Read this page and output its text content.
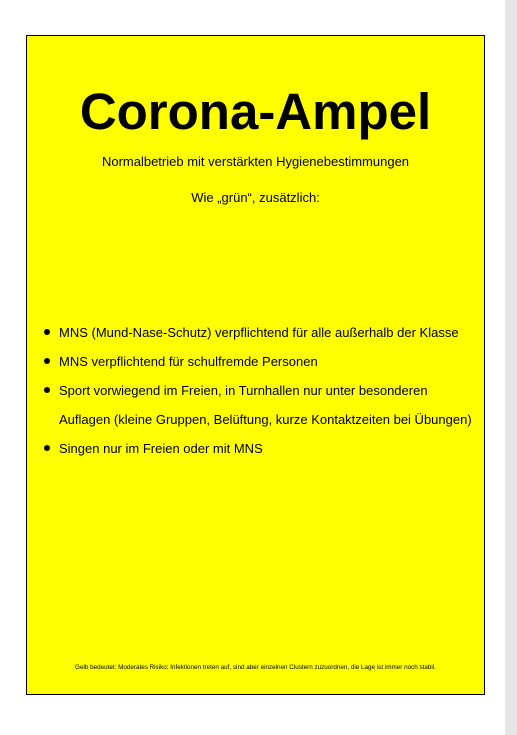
Corona-Ampel

Normalbetrieb mit verstärkten Hygienebestimmungen

Wie „grün“, zusätzlich:

MNS (Mund-Nase-Schutz) verpflichtend für alle außerhalb der Klasse
MNS verpflichtend für schulfremde Personen
Sport vorwiegend im Freien, in Turnhallen nur unter besonderen Auflagen (kleine Gruppen, Belüftung, kurze Kontaktzeiten bei Übungen)
Singen nur im Freien oder mit MNS

Gelb bedeutet: Moderates Risiko; Infektionen treten auf, sind aber einzelnen Clustern zuzuordnen, die Lage ist immer noch stabil.
